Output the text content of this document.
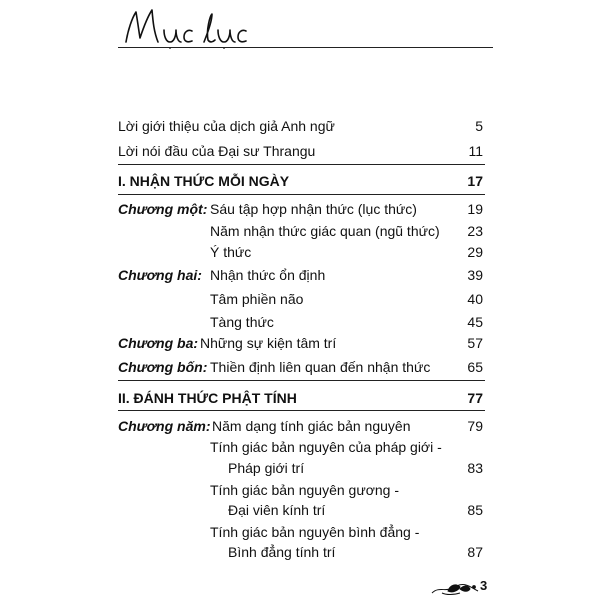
Lời giới thiệu của dịch giả Anh ngữ	5
Lời nói đầu của Đại sư Thrangu	11
I. NHẬN THỨC MỖI NGÀY	17
Chương một: Sáu tập hợp nhận thức (lục thức)	19
Năm nhận thức giác quan (ngũ thức)	23
Ý thức	29
Chương hai: Nhận thức ổn định	39
Tâm phiền não	40
Tàng thức	45
Chương ba: Những sự kiện tâm trí	57
Chương bốn: Thiền định liên quan đến nhận thức	65
II. ĐÁNH THỨC PHẬT TÍNH	77
Chương năm: Năm dạng tính giác bản nguyên	79
Tính giác bản nguyên của pháp giới -
Pháp giới trí	83
Tính giác bản nguyên gương -
Đại viên kính trí	85
Tính giác bản nguyên bình đẳng -
Bình đẳng tính trí	87
3
